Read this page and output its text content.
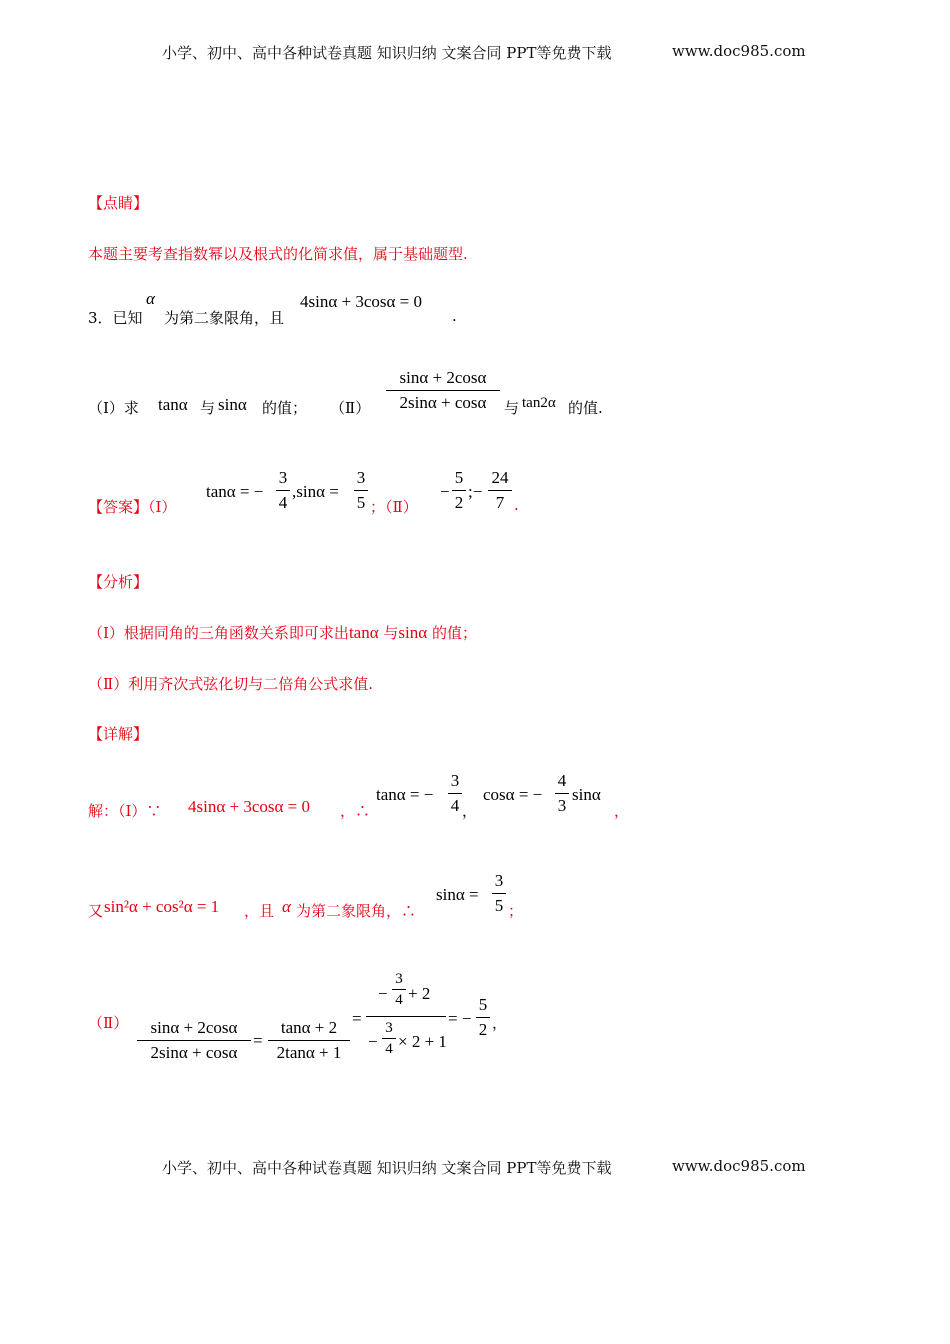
小学、初中、高中各种试卷真题 知识归纳 文案合同 PPT等免费下载	www.doc985.com
【点睛】
本题主要考查指数幂以及根式的化简求值，属于基础题型.
3．已知
α
为第二象限角，且
4sinα + 3cosα = 0
.
（Ⅰ）求 tanα 与 sinα 的值； （Ⅱ）
sinα + 2cosα
2sinα + cosα	与 tan2α 的值.
【答案】（Ⅰ）
tanα = −
3
4
,sinα =
3
5 ；（Ⅱ）
−
5
2
;−
24
7 .
【分析】
（Ⅰ）根据同角的三角函数关系即可求出tanα 与sinα 的值；
（Ⅱ）利用齐次式弦化切与二倍角公式求值.
【详解】
解：（Ⅰ）∵ 4sinα + 3cosα = 0 ，∴
tanα = −
3
4 ，
cosα = −
4
3
sinα
，
又 sin²α + cos²α = 1 ，且 α 为第二象限角，∴
sinα =
3
5 ；
（Ⅱ）	sinα + 2cosα
2sinα + cosα
=
tanα + 2
2tanα + 1
=
−
3
4 + 2
−
3
4 × 2 + 1
= −
5
2 ，
小学、初中、高中各种试卷真题 知识归纳 文案合同 PPT等免费下载	www.doc985.com
